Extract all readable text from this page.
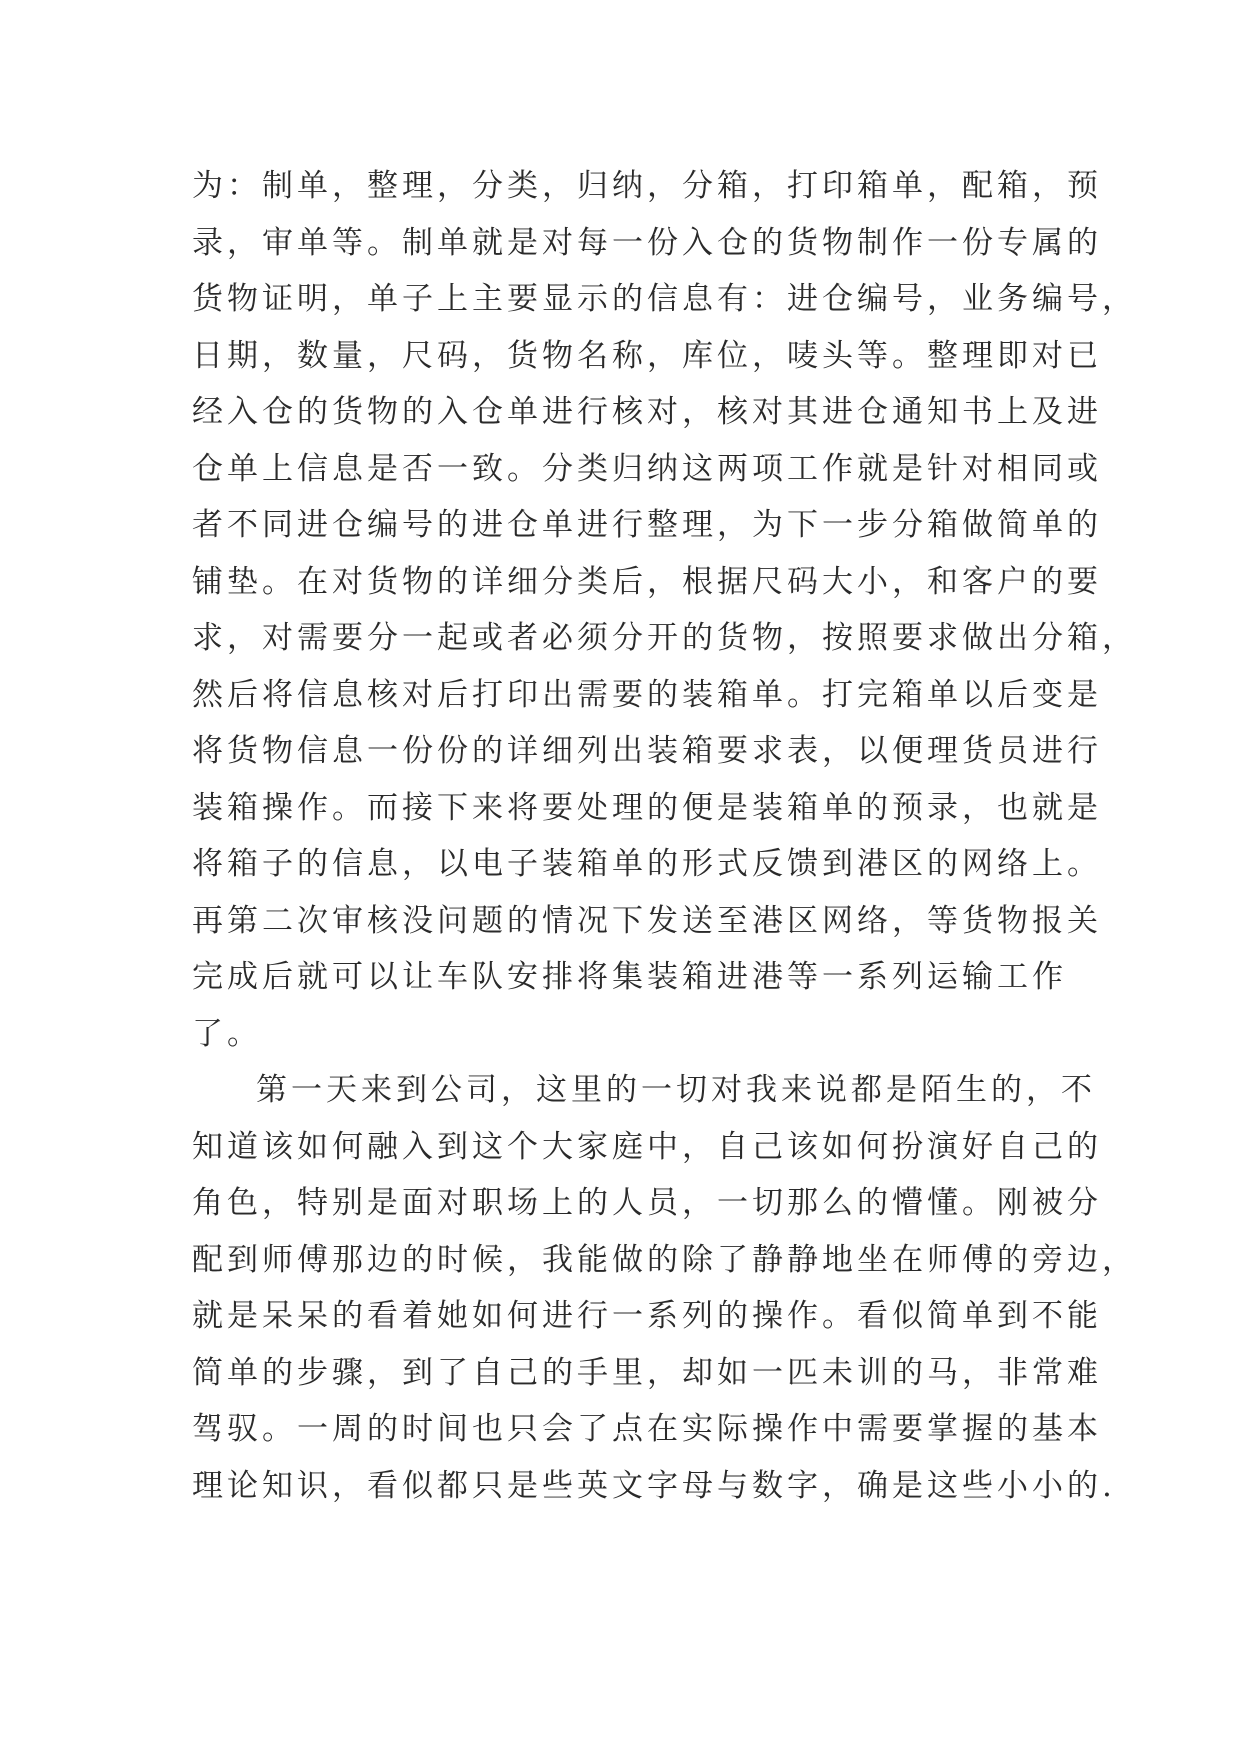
为：制单，整理，分类，归纳，分箱，打印箱单，配箱，预
录，审单等。制单就是对每一份入仓的货物制作一份专属的
货物证明，单子上主要显示的信息有：进仓编号，业务编号，
日期，数量，尺码，货物名称，库位，唛头等。整理即对已
经入仓的货物的入仓单进行核对，核对其进仓通知书上及进
仓单上信息是否一致。分类归纳这两项工作就是针对相同或
者不同进仓编号的进仓单进行整理，为下一步分箱做简单的
铺垫。在对货物的详细分类后，根据尺码大小，和客户的要
求，对需要分一起或者必须分开的货物，按照要求做出分箱，
然后将信息核对后打印出需要的装箱单。打完箱单以后变是
将货物信息一份份的详细列出装箱要求表，以便理货员进行
装箱操作。而接下来将要处理的便是装箱单的预录，也就是
将箱子的信息，以电子装箱单的形式反馈到港区的网络上。
再第二次审核没问题的情况下发送至港区网络，等货物报关
完成后就可以让车队安排将集装箱进港等一系列运输工作
了。
第一天来到公司，这里的一切对我来说都是陌生的，不
知道该如何融入到这个大家庭中，自己该如何扮演好自己的
角色，特别是面对职场上的人员，一切那么的懵懂。刚被分
配到师傅那边的时候，我能做的除了静静地坐在师傅的旁边，
就是呆呆的看着她如何进行一系列的操作。看似简单到不能
简单的步骤，到了自己的手里，却如一匹未训的马，非常难
驾驭。一周的时间也只会了点在实际操作中需要掌握的基本
理论知识，看似都只是些英文字母与数字，确是这些小小的.
